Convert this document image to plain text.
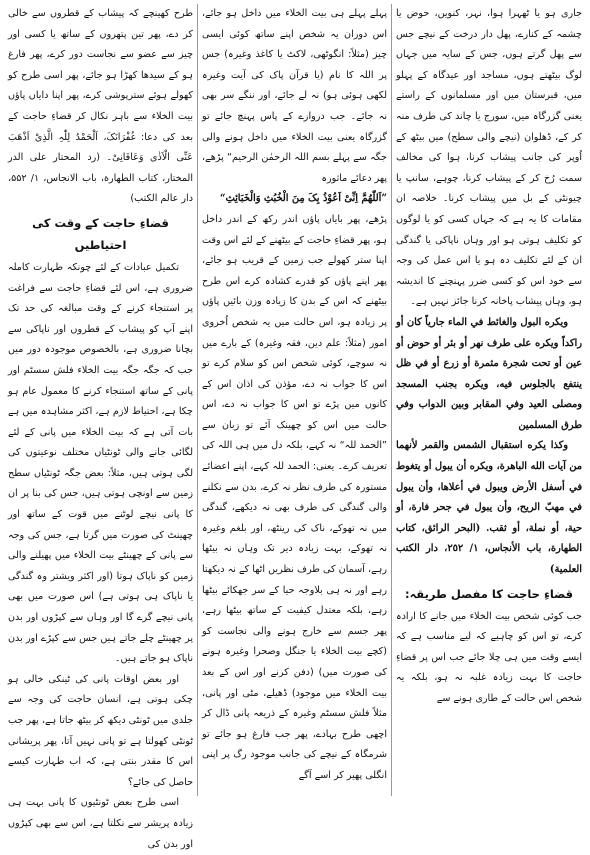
جاری ہو یا ٹھہرا ہوا، نہر، کنویں، حوض یا چشمہ کے کنارے، پھل دار درخت کے نیچے جس سے پھل گرتے ہوں، جس کے سایہ میں جہاں لوگ بیٹھتے ہوں، مساجد اور عیدگاہ کے پہلو میں، قبرستان میں اور مسلمانوں کے راستے یعنی گزرگاہ میں، سورج یا چاند کی طرف منہ کر کے، ڈھلوان (نیچے والی سطح) میں بیٹھ کے اُوپر کی جانب پیشاب کرنا، ہوا کی مخالف سمت رُخ کر کے پیشاب کرنا، چوہے، سانپ یا چیونٹی کے بل میں پیشاب کرنا۔ خلاصہ ان مقامات کا یہ ہے کہ جہاں کسی کو یا لوگوں کو تکلیف ہوتی ہو اور وہاں ناپاکی یا گندگی ان کے لئے تکلیف دہ ہو یا اس عمل کی وجہ سے خود اس کو کسی ضرر پہنچنے کا اندیشہ ہو، وہاں پیشاب پاخانہ کرنا جائز نہیں ہے۔

ويكره البول والغائط في الماء جارياً كان أو راكداً ويكره على طرف نهر أو بئر أو حوض أو عين أو تحت شجرة مثمرة أو زرع أو في ظل ينتفع بالجلوس فيه، ويكره بجنب المسجد ومصلى العيد وفي المقابر وبين الدواب وفي طرق المسلمين

وكذا يكره استقبال الشمس والقمر لأنهما من آيات الله الباهرة، ويكره أن يبول أو يتغوط في أسفل الأرض ويبول في أعلاها، وأن يبول في مهبّ الريح، وأن يبول في جحر فارة، أو حية، أو نملة، أو ثقب. (البحر الرائق، كتاب الطهارة، باب الأنجاس، ١/ ٢٥٢، دار الكتب العلمية)

قضاءِ حاجت کا مفصل طریقہ:

جب کوئی شخص بیت الخلاء میں جانے کا ارادہ کرے، تو اس کو چاہیے کہ لیے مناسب ہے کہ ایسے وقت میں ہی چلا جائے جب اس پر قضاءِ حاجت کا بہت زیادہ غلبہ نہ ہو، بلکہ یہ شخص اس حالت کے طاری ہونے سے

پہلے پہلے ہی بیت الخلاء میں داخل ہو جائے، اس دوران یہ شخص اپنے ساتھ کوئی ایسی چیز (مثلاً: انگوٹھی، لاکٹ یا کاغذ وغیرہ) جس پر اللہ کا نام (یا قرآن پاک کی آیت وغیرہ لکھی ہوئی ہو) نہ لے جائے، اور ننگے سر بھی نہ جائے۔ جب دروازے کے پاس پہنچ جائے تو گزرگاہ یعنی بیت الخلاء میں داخل ہونے والی جگہ سے پہلے بسم اللہ الرحمٰن الرحیم“ پڑھے، پھر دعائے ماثورہ

”اَللّٰهُمَّ اِنِّیْ اَعُوْذُ بِکَ مِنَ الْخُبُثِ وَالْخَبَائِثِ“

پڑھے، پھر بایاں پاؤں اندر رکھ کے اندر داخل ہو، پھر قضاءِ حاجت کے بیٹھنے کے لئے اس وقت اپنا ستر کھولے جب زمین کے قریب ہو جائے، پھر اپنے پاؤں کو قدرے کشادہ کرے اس طرح بیٹھنے کہ اس کے بدن کا زیادہ وزن بائیں پاؤں پر زیادہ ہو، اس حالت میں یہ شخص اُخروی امور (مثلاً: علم دین، فقہ وغیرہ) کے بارے میں نہ سوچے، کوئی شخص اس کو سلام کرے تو اس کا جواب نہ دے، مؤذن کی اذان اس کے کانوں میں پڑے تو اس کا جواب نہ دے، اس حالت میں اس کو چھینک آئے تو زبان سے ”الحمد للہ“ نہ کہے، بلکہ دل میں ہی اللہ کی تعریف کرے۔ یعنی: الحمد للہ کہے، اپنے اعضائے مستورہ کی طرف نظر نہ کرے، بدن سے نکلنے والی گندگی کی طرف بھی نہ دیکھے، گندگی میں نہ تھوکے، ناک کی رینٹھ، اور بلغم وغیرہ نہ تھوکے، بہت زیادہ دیر تک وہاں نہ بیٹھا رہے، آسمان کی طرف نظریں اٹھا کے نہ دیکھتا رہے اور نہ ہی بلاوجہ حیا کے سر جھکائے بیٹھا رہے، بلکہ معتدل کیفیت کے ساتھ بیٹھا رہے، پھر جسم سے خارج ہونے والی نجاست کو (کچے بیت الخلاء یا جنگل وصحرا وغیرہ ہونے کی صورت میں) (دفن کرنے اور اس کے بعد بیت الخلاء میں موجود) ڈھیلے، مٹی اور پانی، مثلاً فلش سسٹم وغیرہ کے ذریعہ پانی ڈال کر اچھی طرح بہادے، پھر جب فارغ ہو جائے تو شرمگاہ کے نیچے کی جانب موجود رگ پر اپنی انگلی پھیر کر اسے آگے

طرح کھینچے کہ پیشاب کے قطروں سے خالی کر دے، پھر تین پتھروں کے ساتھ یا کسی اور چیز سے عضو سے نجاست دور کرے، پھر فارغ ہو کے سیدھا کھڑا ہو جائے، پھر اسی طرح کو کھولے ہوئے سترپوشی کرے، پھر اپنا دایاں پاؤں بیت الخلاء سے باہر نکال کر قضاءِ حاجت کے بعد کی دعا: غُفْرَانَکَ، اَلْحَمْدُ لِلّٰہِ الَّذِیْ اَذْهَبَ عَنِّی الْاَذٰی وَعَافَانِیْ۔ (رد المحتار علی الدر المختار، کتاب الطهارة، باب الانجاس، ۱/ ۵۵۲، دار عالم الکتب)

قضاءِ حاجت کے وقت کی احتیاطیں

تکمیل عبادات کے لئے چونکہ طہارت کاملہ ضروری ہے، اس لئے قضاءِ حاجت سے فراغت پر استنجاء کرنے کے وقت مبالغہ کی حد تک اپنے آپ کو پیشاب کے قطروں اور ناپاکی سے بچانا ضروری ہے، بالخصوص موجودہ دور میں جب کہ جگہ جگہ بیت الخلاء فلش سسٹم اور پانی کے ساتھ استنجاء کرنے کا معمول عام ہو چکا ہے، احتیاط لازم ہے، اکثر مشاہدہ میں ہے بات آتی ہے کہ بیت الخلاء میں پانی کے لئے لگائی جانے والی ٹونٹیاں مختلف نوعیتوں کی لگی ہوتی ہیں، مثلاً: بعض جگہ ٹونٹیاں سطح زمین سے اونچی ہوتی ہیں، جس کی بنا پر ان کا پانی نیچے لوٹنے میں قوت کے ساتھ اور چھینٹ کی صورت میں گرتا ہے، جس کی وجہ سے پانی کے چھینٹے بیت الخلاء میں پھیلنے والی زمین کو ناپاک ہوتا (اور اکثر ویشتر وہ گندگی یا ناپاک ہی ہوتی ہے) اس صورت میں بھی پانی نیچے گرے گا اور وہاں سے کپڑوں اور بدن پر چھینٹے چلے جاتے ہیں جس سے کپڑے اور بدن ناپاک ہو جاتے ہیں۔

اور بعض اوقات پانی کی ٹینکی خالی ہو چکی ہوتی ہے، انسان حاجت کی وجہ سے جلدی میں ٹونٹی دیکھ کر بیٹھ جاتا ہے، پھر جب ٹونٹی کھولتا ہے تو پانی نہیں آتا، پھر پریشانی اس کا مقدر بنتی ہے، کہ اب طہارت کیسے حاصل کی جائے؟

اسی طرح بعض ٹونٹیوں کا پانی بہت ہی زیادہ پریشر سے نکلتا ہے، اس سے بھی کپڑوں اور بدن کی
